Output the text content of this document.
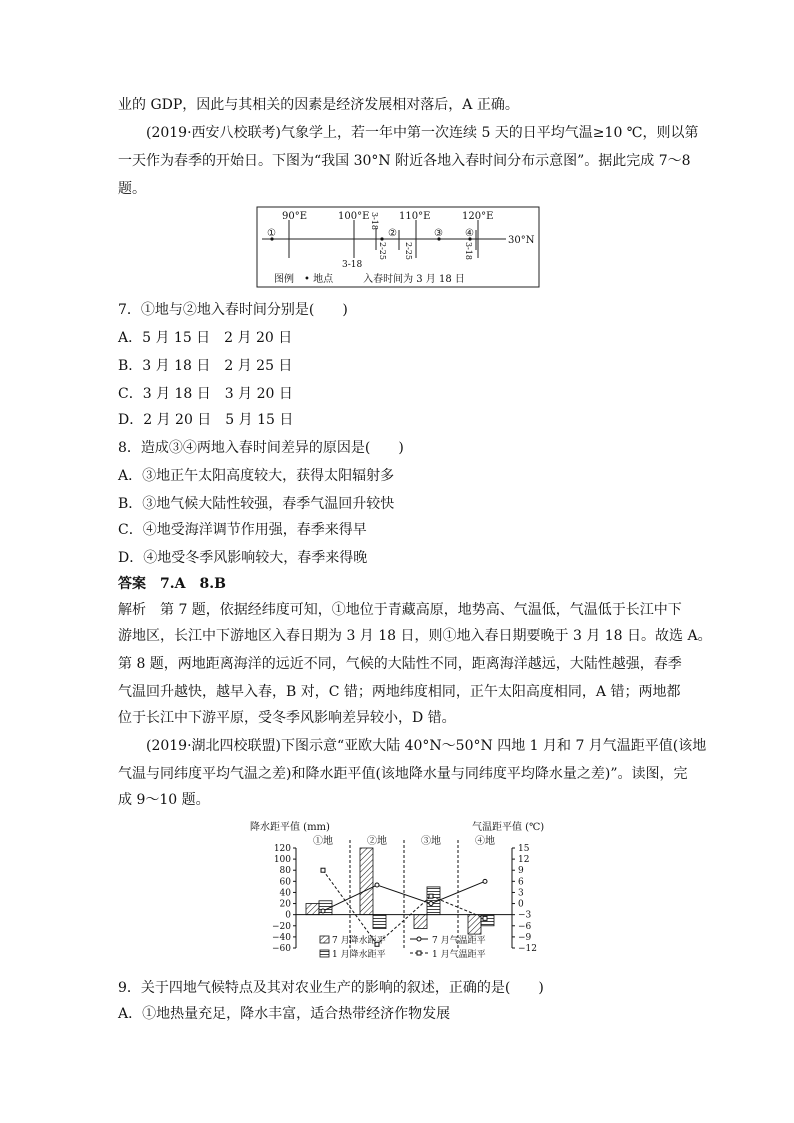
业的 GDP，因此与其相关的因素是经济发展相对落后，A 正确。
(2019·西安八校联考)气象学上，若一年中第一次连续 5 天的日平均气温≥10 ℃，则以第
一天作为春季的开始日。下图为“我国 30°N 附近各地入春时间分布示意图”。据此完成 7～8
题。
30°N
90°E	100°E	110°E	120°E
①	②	③ ④
3-18
3-18
2-25 2-25	3-18
图例　• 地点　　　入春时间为 3 月 18 日
7．①地与②地入春时间分别是(　　)
A．5 月 15 日　2 月 20 日
B．3 月 18 日　2 月 25 日
C．3 月 18 日　3 月 20 日
D．2 月 20 日　5 月 15 日
8．造成③④两地入春时间差异的原因是(　　)
A．③地正午太阳高度较大，获得太阳辐射多
B．③地气候大陆性较强，春季气温回升较快
C．④地受海洋调节作用强，春季来得早
D．④地受冬季风影响较大，春季来得晚
答案　7.A　8.B
解析　第 7 题，依据经纬度可知，①地位于青藏高原，地势高、气温低，气温低于长江中下
游地区，长江中下游地区入春日期为 3 月 18 日，则①地入春日期要晚于 3 月 18 日。故选 A。
第 8 题，两地距离海洋的远近不同，气候的大陆性不同，距离海洋越远，大陆性越强，春季
气温回升越快，越早入春，B 对，C 错；两地纬度相同，正午太阳高度相同，A 错；两地都
位于长江中下游平原，受冬季风影响差异较小，D 错。
(2019·湖北四校联盟)下图示意“亚欧大陆 40°N～50°N 四地 1 月和 7 月气温距平值(该地
气温与同纬度平均气温之差)和降水距平值(该地降水量与同纬度平均降水量之差)”。读图，完
成 9～10 题。
降水距平值 (mm)	气温距平值 (℃)
①地	②地	③地	④地
120
100
80
60
40
20
0
−20
−40
−60
15
12
9
6
3
0
−3
−6
−9
−12
7 月降水距平
1 月降水距平
7 月气温距平
1 月气温距平
9．关于四地气候特点及其对农业生产的影响的叙述，正确的是(　　)
A．①地热量充足，降水丰富，适合热带经济作物发展
